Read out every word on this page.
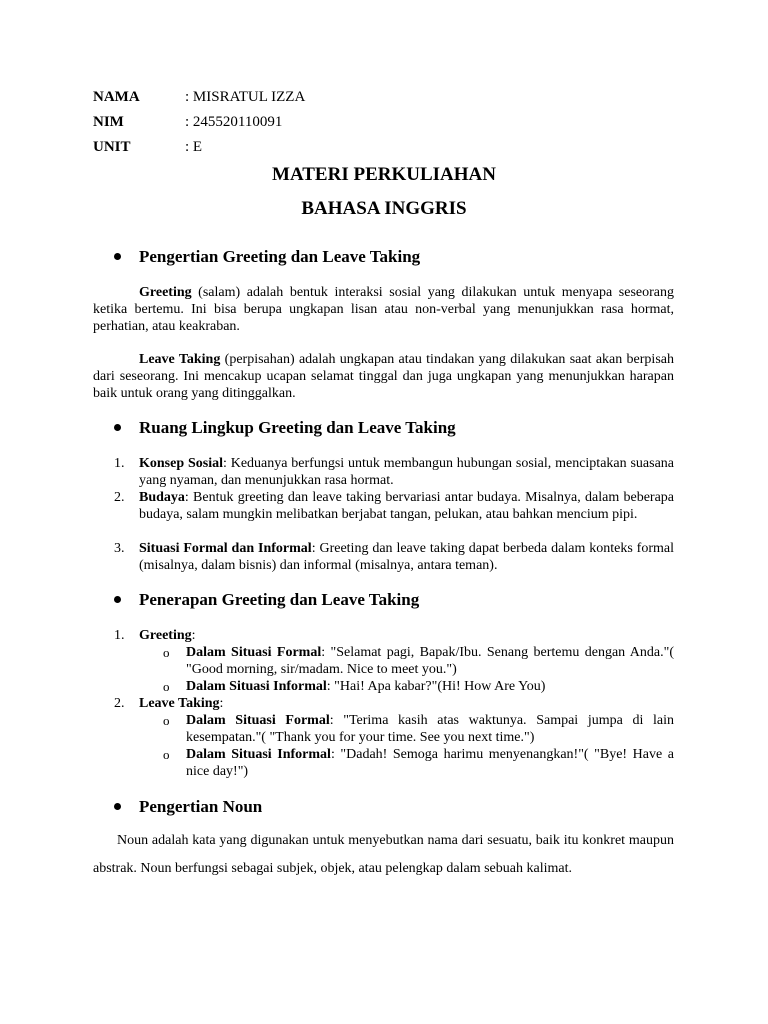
NAMA	: MISRATUL IZZA
NIM	: 245520110091
UNIT	: E
MATERI PERKULIAHAN
BAHASA INGGRIS
Pengertian Greeting dan Leave Taking

Greeting (salam) adalah bentuk interaksi sosial yang dilakukan untuk menyapa seseorang ketika bertemu. Ini bisa berupa ungkapan lisan atau non-verbal yang menunjukkan rasa hormat, perhatian, atau keakraban.

Leave Taking (perpisahan) adalah ungkapan atau tindakan yang dilakukan saat akan berpisah dari seseorang. Ini mencakup ucapan selamat tinggal dan juga ungkapan yang menunjukkan harapan baik untuk orang yang ditinggalkan.

Ruang Lingkup Greeting dan Leave Taking
1. Konsep Sosial: Keduanya berfungsi untuk membangun hubungan sosial, menciptakan suasana yang nyaman, dan menunjukkan rasa hormat.
2. Budaya: Bentuk greeting dan leave taking bervariasi antar budaya. Misalnya, dalam beberapa budaya, salam mungkin melibatkan berjabat tangan, pelukan, atau bahkan mencium pipi.
3. Situasi Formal dan Informal: Greeting dan leave taking dapat berbeda dalam konteks formal (misalnya, dalam bisnis) dan informal (misalnya, antara teman).
Penerapan Greeting dan Leave Taking
1. Greeting:
o Dalam Situasi Formal: "Selamat pagi, Bapak/Ibu. Senang bertemu dengan Anda."( "Good morning, sir/madam. Nice to meet you.")
o Dalam Situasi Informal: "Hai! Apa kabar?"(Hi! How Are You)
2. Leave Taking:
o Dalam Situasi Formal: "Terima kasih atas waktunya. Sampai jumpa di lain kesempatan."( "Thank you for your time. See you next time.")
o Dalam Situasi Informal: "Dadah! Semoga harimu menyenangkan!"( "Bye! Have a nice day!")
Pengertian Noun
Noun adalah kata yang digunakan untuk menyebutkan nama dari sesuatu, baik itu konkret maupun abstrak. Noun berfungsi sebagai subjek, objek, atau pelengkap dalam sebuah kalimat.
